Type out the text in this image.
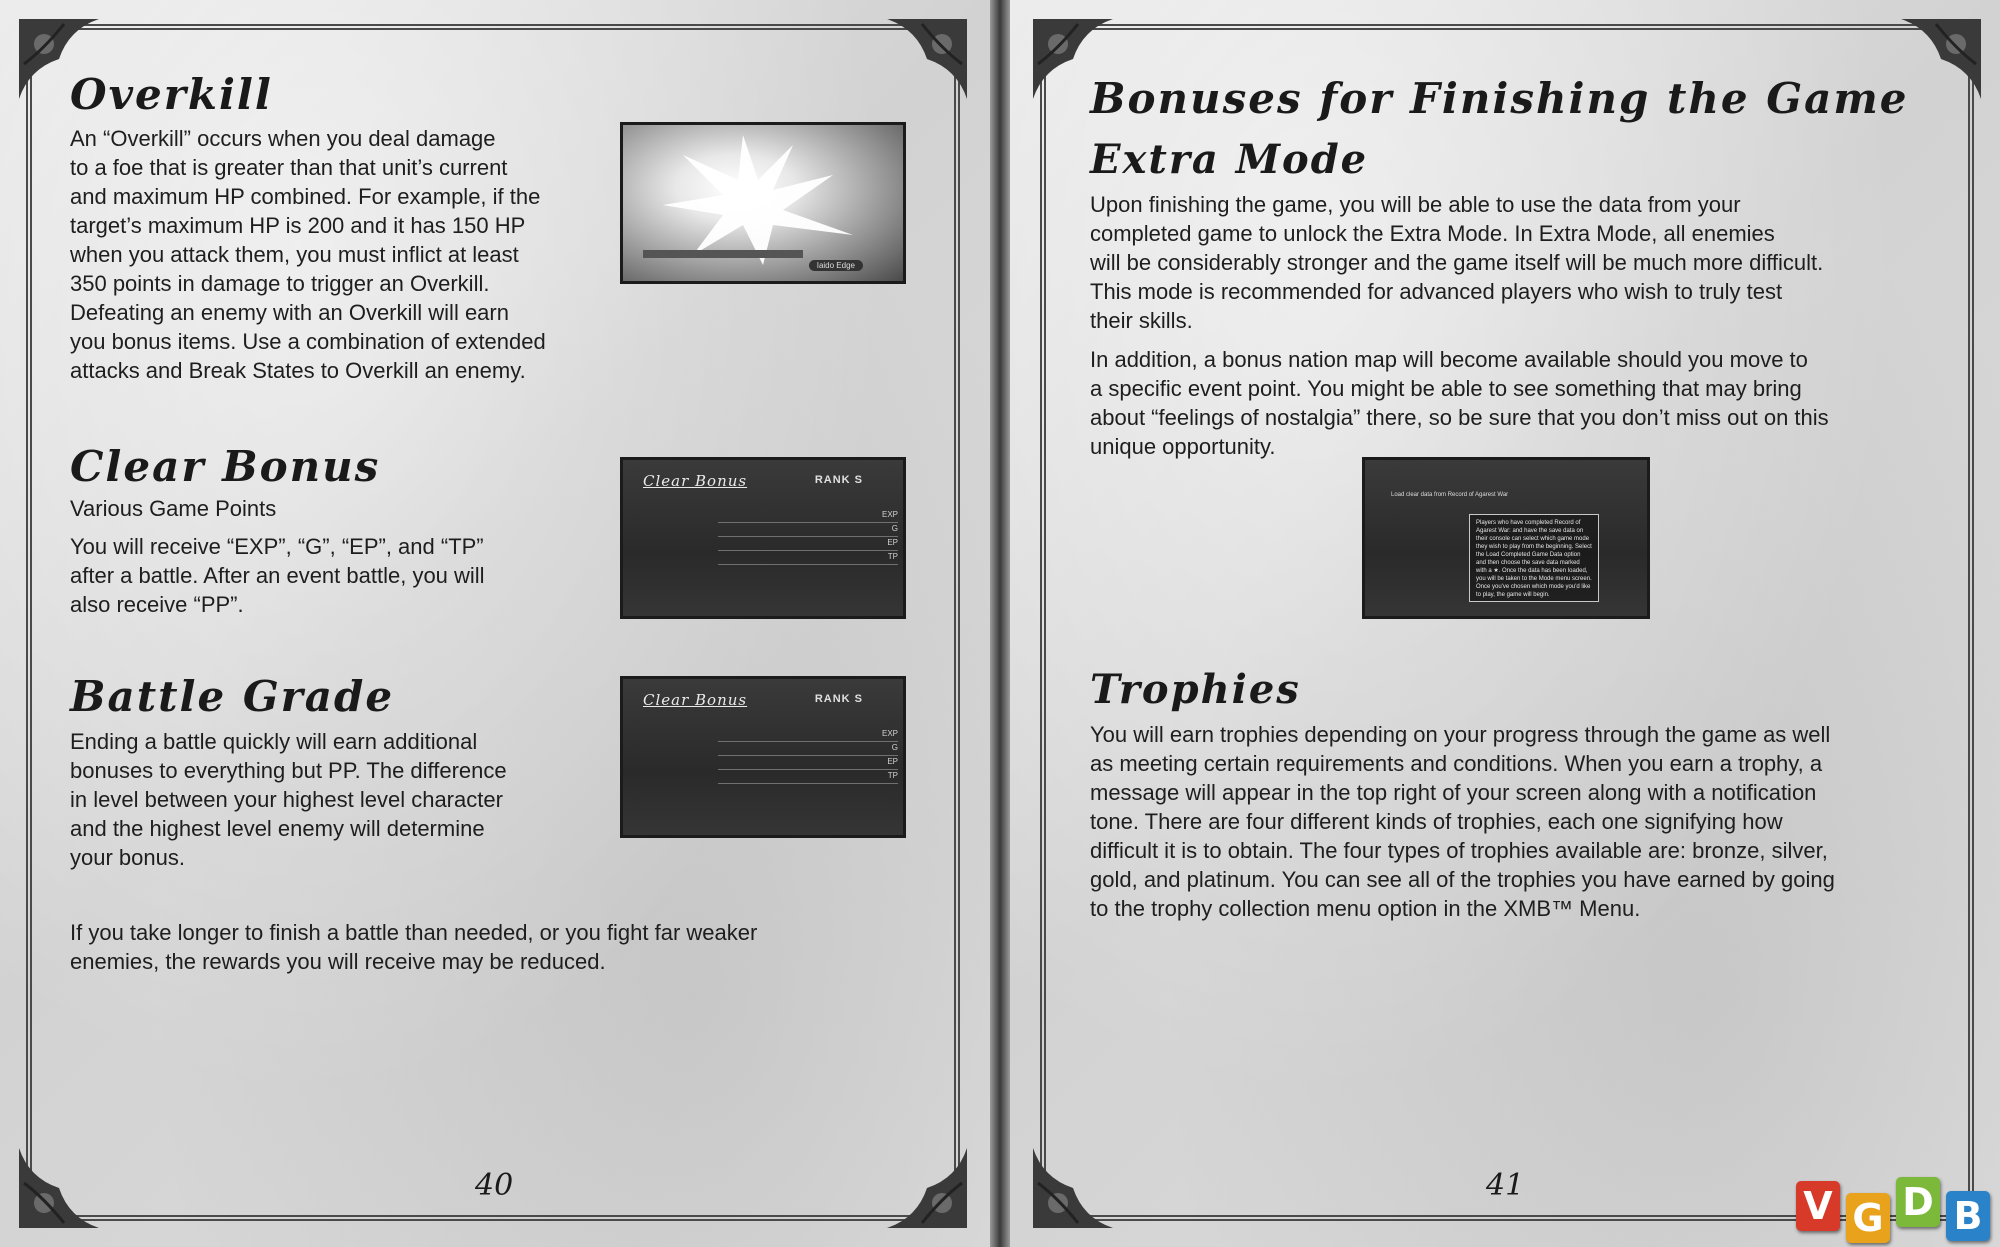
Overkill
An “Overkill” occurs when you deal damage
to a foe that is greater than that unit’s current
and maximum HP combined. For example, if the
target’s maximum HP is 200 and it has 150 HP
when you attack them, you must inflict at least
350 points in damage to trigger an Overkill.
Defeating an enemy with an Overkill will earn
you bonus items. Use a combination of extended
attacks and Break States to Overkill an enemy.
Iaido Edge
Clear Bonus
Various Game Points
You will receive “EXP”, “G”, “EP”, and “TP”
after a battle. After an event battle, you will
also receive “PP”.
Clear Bonus	RANK S
EXP
G
EP
TP
Battle Grade
Ending a battle quickly will earn additional
bonuses to everything but PP. The difference
in level between your highest level character
and the highest level enemy will determine
your bonus.
Clear Bonus	RANK S
EXP
G
EP
TP
If you take longer to finish a battle than needed, or you fight far weaker
enemies, the rewards you will receive may be reduced.
40
Bonuses for Finishing the Game
Extra Mode
Upon finishing the game, you will be able to use the data from your
completed game to unlock the Extra Mode. In Extra Mode, all enemies
will be considerably stronger and the game itself will be much more difficult.
This mode is recommended for advanced players who wish to truly test
their skills.
In addition, a bonus nation map will become available should you move to
a specific event point. You might be able to see something that may bring
about “feelings of nostalgia” there, so be sure that you don’t miss out on this
unique opportunity.
Load clear data from Record of Agarest War
Players who have completed Record of Agarest War: and have the save data on their console can select which game mode they wish to play from the beginning. Select the Load Completed Game Data option and then choose the save data marked with a ★. Once the data has been loaded, you will be taken to the Mode menu screen. Once you've chosen which mode you'd like to play, the game will begin.
Trophies
You will earn trophies depending on your progress through the game as well
as meeting certain requirements and conditions. When you earn a trophy, a
message will appear in the top right of your screen along with a notification
tone. There are four different kinds of trophies, each one signifying how
difficult it is to obtain. The four types of trophies available are: bronze, silver,
gold, and platinum. You can see all of the trophies you have earned by going
to the trophy collection menu option in the XMB™ Menu.
41	V G D B
